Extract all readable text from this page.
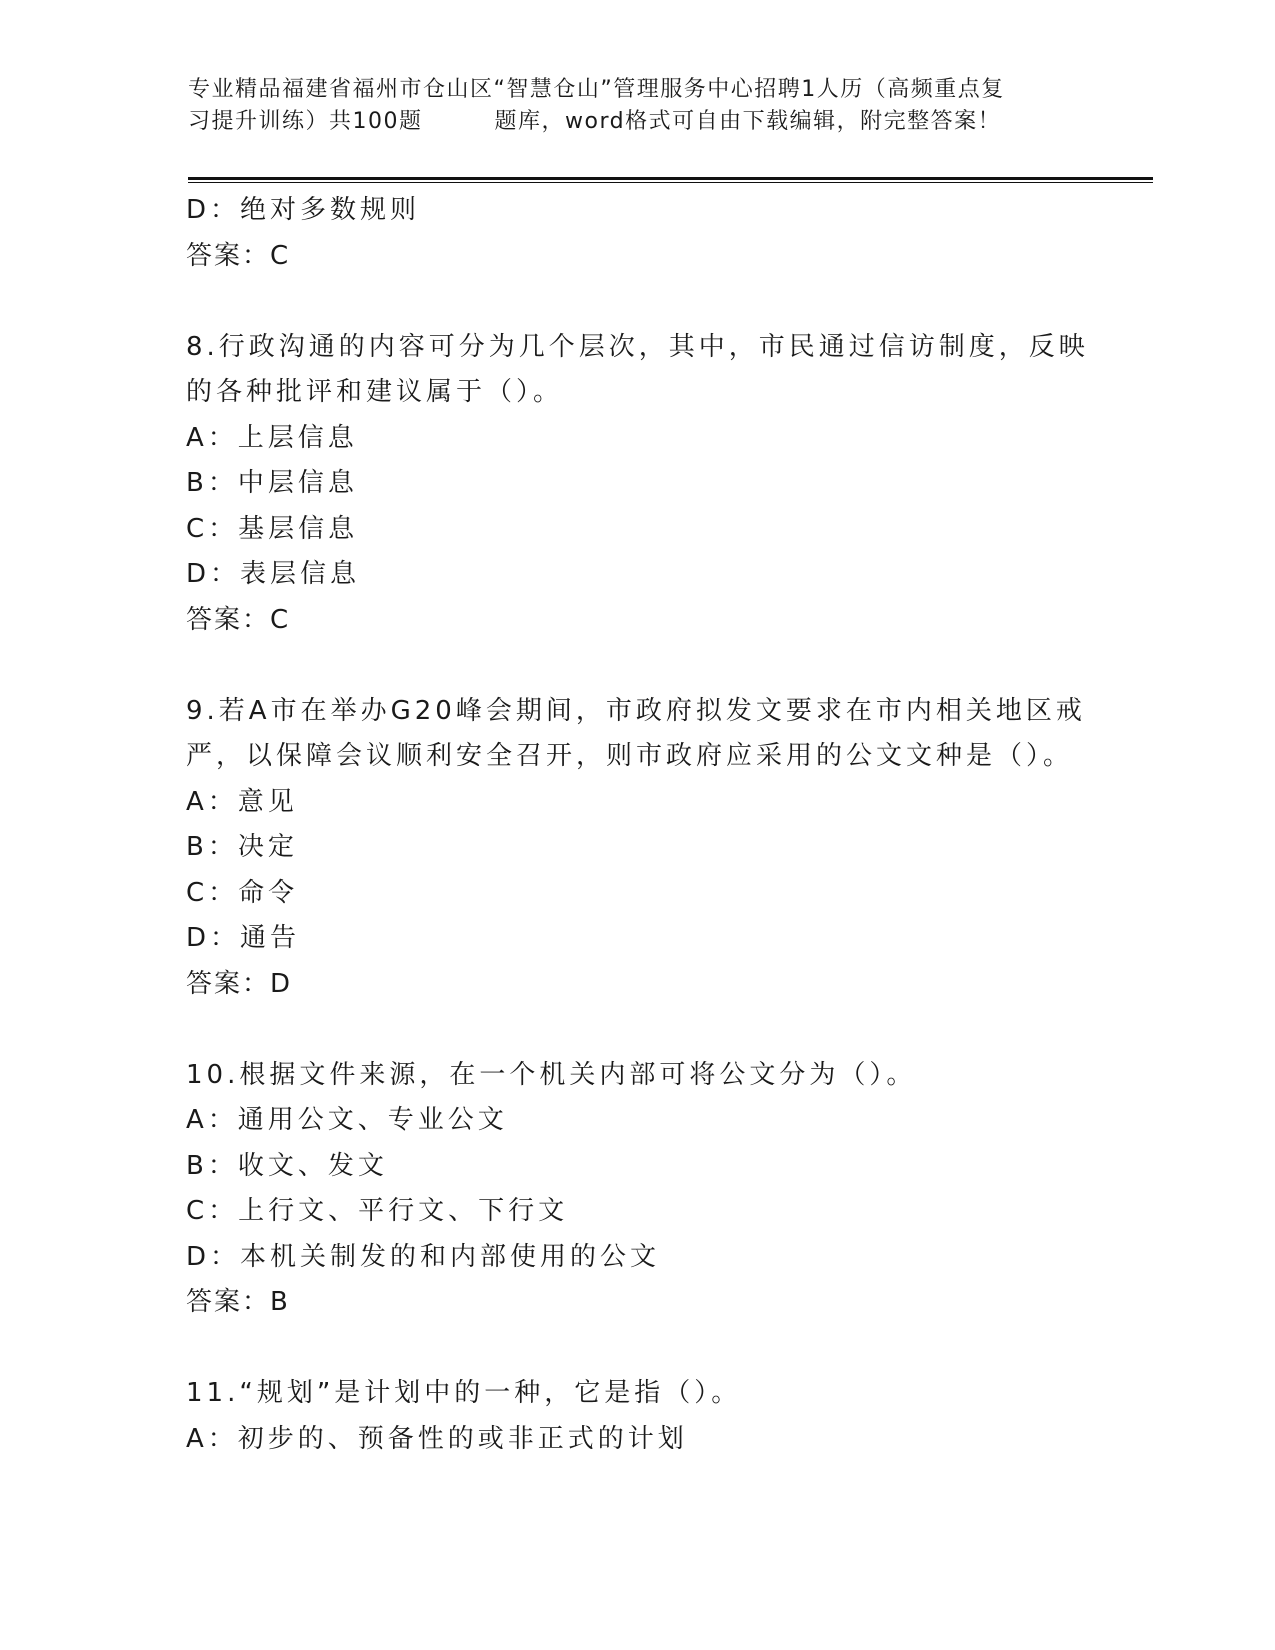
专业精品福建省福州市仓山区“智慧仓山”管理服务中心招聘1人历（高频重点复
习提升训练）共100题	题库，word格式可自由下载编辑，附完整答案！
D：绝对多数规则
答案：C
8.行政沟通的内容可分为几个层次，其中，市民通过信访制度，反映
的各种批评和建议属于（）。
A：上层信息
B：中层信息
C：基层信息
D：表层信息
答案：C
9.若A市在举办G20峰会期间，市政府拟发文要求在市内相关地区戒
严，以保障会议顺利安全召开，则市政府应采用的公文文种是（）。
A：意见
B：决定
C：命令
D：通告
答案：D
10.根据文件来源，在一个机关内部可将公文分为（）。
A：通用公文、专业公文
B：收文、发文
C：上行文、平行文、下行文
D：本机关制发的和内部使用的公文
答案：B
11.“规划”是计划中的一种，它是指（）。
A：初步的、预备性的或非正式的计划
